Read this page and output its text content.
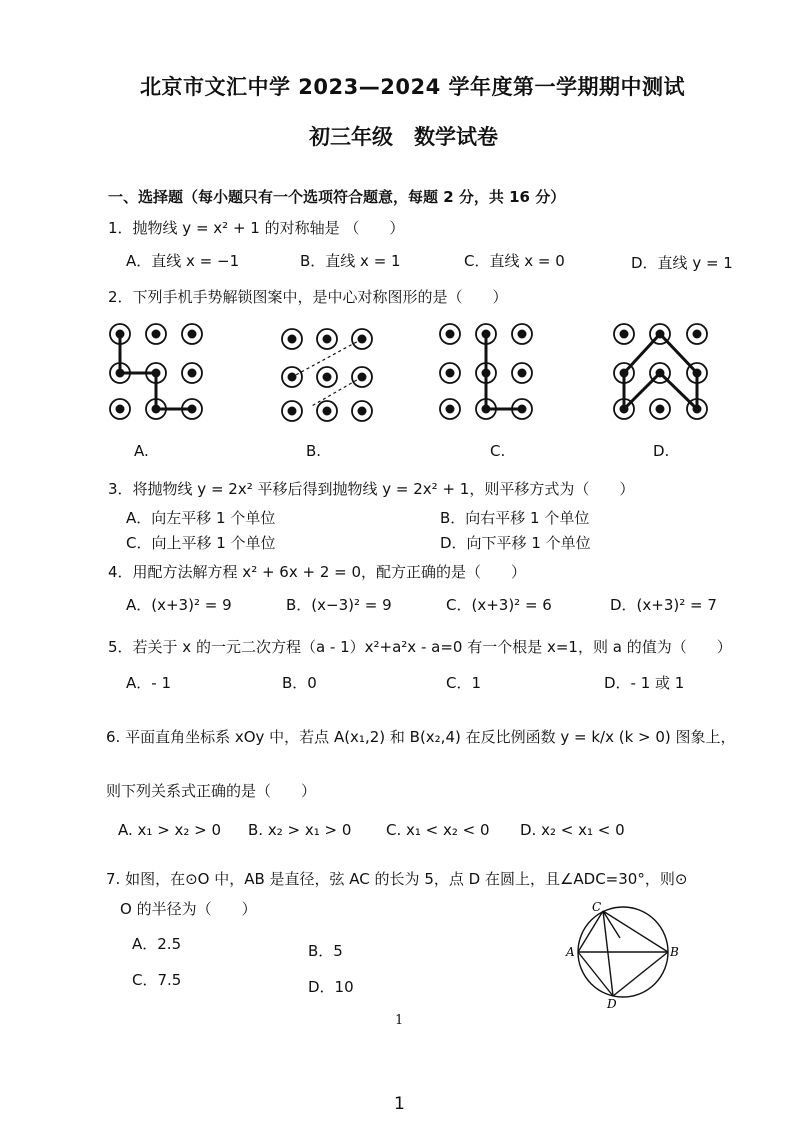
北京市文汇中学 2023—2024 学年度第一学期期中测试
初三年级　数学试卷
一、选择题（每小题只有一个选项符合题意，每题 2 分，共 16 分）
1．抛物线 y = x² + 1 的对称轴是 （　　）
A．直线 x = −1	B．直线 x = 1	C．直线 x = 0	D．直线 y = 1
2．下列手机手势解锁图案中，是中心对称图形的是（　　）
A.	B.	C.	D.
3．将抛物线 y = 2x² 平移后得到抛物线 y = 2x² + 1，则平移方式为（　　）
A．向左平移 1 个单位	B．向右平移 1 个单位
C．向上平移 1 个单位	D．向下平移 1 个单位
4．用配方法解方程 x² + 6x + 2 = 0，配方正确的是（　　）
A．(x+3)² = 9	B．(x−3)² = 9	C．(x+3)² = 6	D．(x+3)² = 7
5．若关于 x 的一元二次方程（a - 1）x²+a²x - a=0 有一个根是 x=1，则 a 的值为（　　）
A．- 1	B．0	C．1	D．- 1 或 1
6. 平面直角坐标系 xOy 中，若点 A(x₁,2) 和 B(x₂,4) 在反比例函数 y = k/x (k > 0) 图象上，
则下列关系式正确的是（　　）
A. x₁ > x₂ > 0 B. x₂ > x₁ > 0 C. x₁ < x₂ < 0 D. x₂ < x₁ < 0
7. 如图，在⊙O 中，AB 是直径，弦 AC 的长为 5，点 D 在圆上，且∠ADC=30°，则⊙
O 的半径为（　　）
A．2.5	B．5
C．7.5	D．10
C
A	B
D
1
1
